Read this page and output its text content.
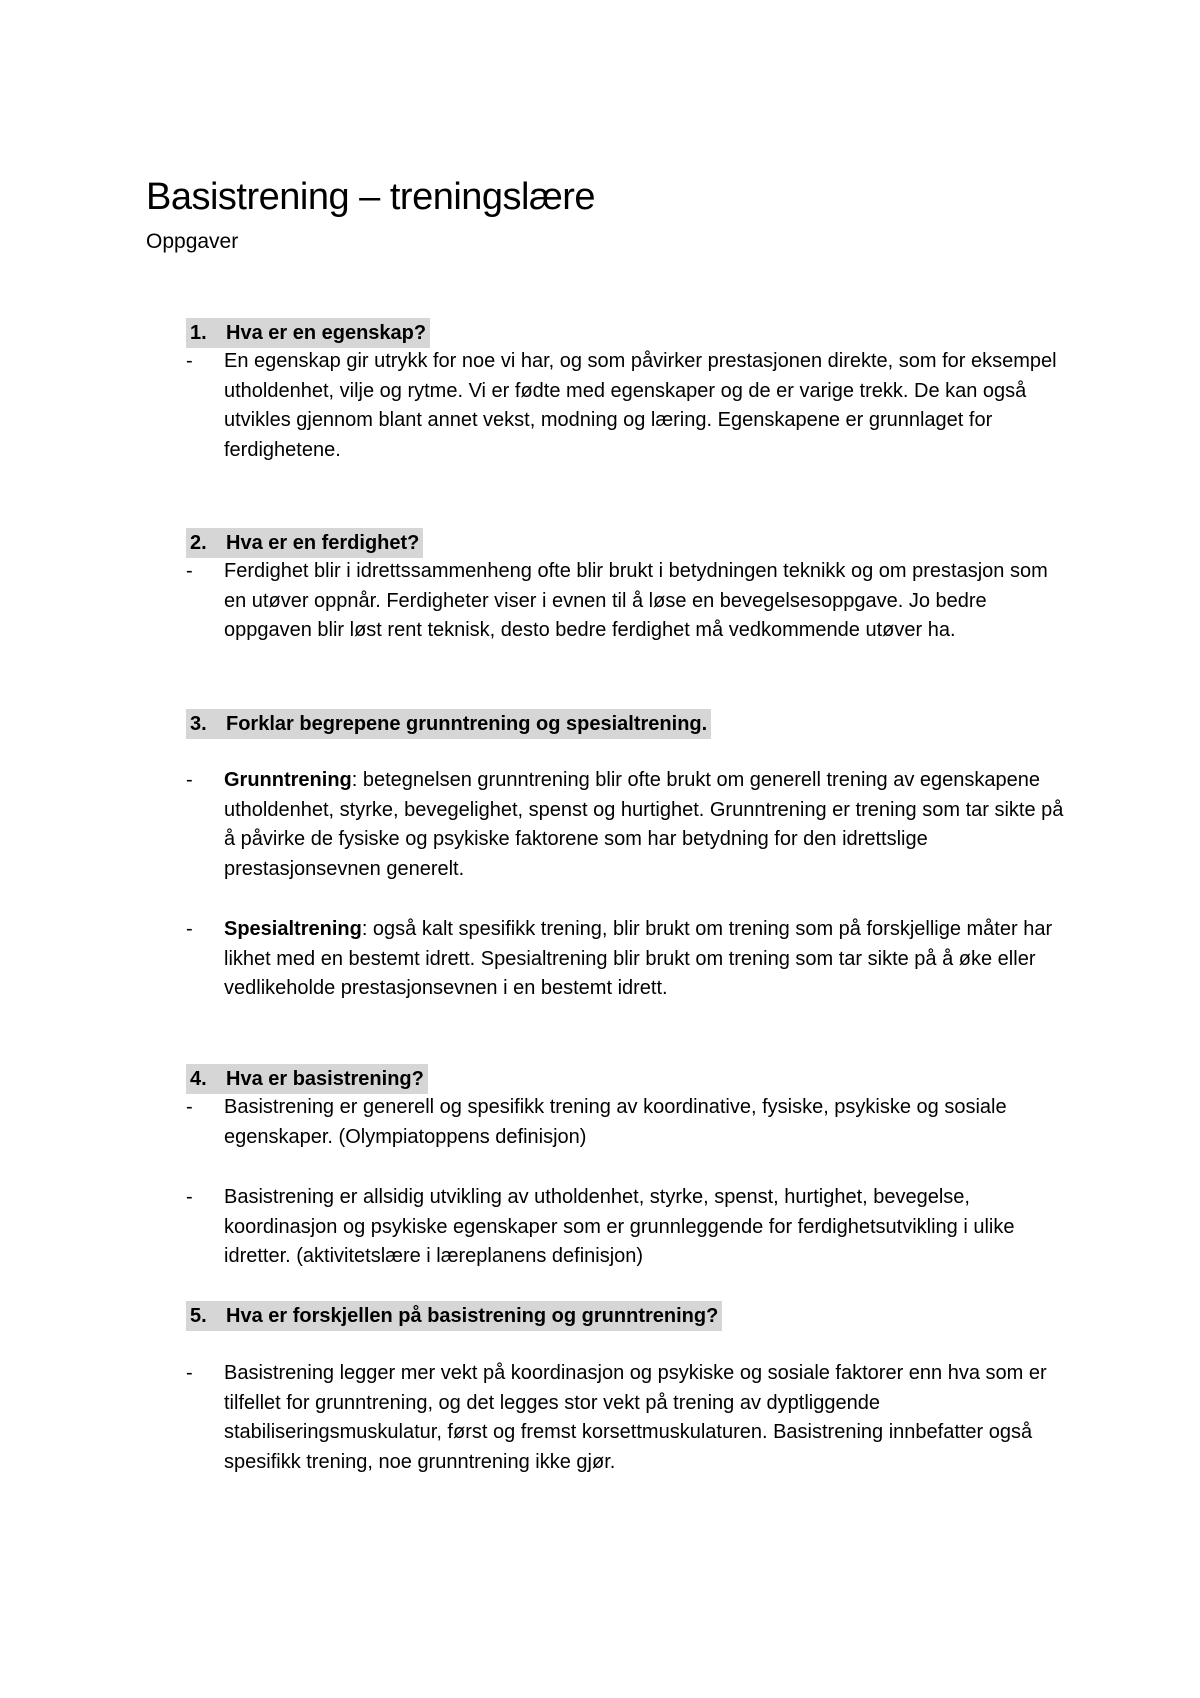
Basistrening – treningslære
Oppgaver
1. Hva er en egenskap?
- En egenskap gir utrykk for noe vi har, og som påvirker prestasjonen direkte, som for eksempel utholdenhet, vilje og rytme. Vi er fødte med egenskaper og de er varige trekk. De kan også utvikles gjennom blant annet vekst, modning og læring. Egenskapene er grunnlaget for ferdighetene.
2. Hva er en ferdighet?
- Ferdighet blir i idrettssammenheng ofte blir brukt i betydningen teknikk og om prestasjon som en utøver oppnår. Ferdigheter viser i evnen til å løse en bevegelsesoppgave. Jo bedre oppgaven blir løst rent teknisk, desto bedre ferdighet må vedkommende utøver ha.
3. Forklar begrepene grunntrening og spesialtrening.
- Grunntrening: betegnelsen grunntrening blir ofte brukt om generell trening av egenskapene utholdenhet, styrke, bevegelighet, spenst og hurtighet. Grunntrening er trening som tar sikte på å påvirke de fysiske og psykiske faktorene som har betydning for den idrettslige prestasjonsevnen generelt.
- Spesialtrening: også kalt spesifikk trening, blir brukt om trening som på forskjellige måter har likhet med en bestemt idrett. Spesialtrening blir brukt om trening som tar sikte på å øke eller vedlikeholde prestasjonsevnen i en bestemt idrett.
4. Hva er basistrening?
- Basistrening er generell og spesifikk trening av koordinative, fysiske, psykiske og sosiale egenskaper. (Olympiatoppens definisjon)
- Basistrening er allsidig utvikling av utholdenhet, styrke, spenst, hurtighet, bevegelse, koordinasjon og psykiske egenskaper som er grunnleggende for ferdighetsutvikling i ulike idretter. (aktivitetslære i læreplanens definisjon)
5. Hva er forskjellen på basistrening og grunntrening?
- Basistrening legger mer vekt på koordinasjon og psykiske og sosiale faktorer enn hva som er tilfellet for grunntrening, og det legges stor vekt på trening av dyptliggende stabiliseringsmuskulatur, først og fremst korsettmuskulaturen. Basistrening innbefatter også spesifikk trening, noe grunntrening ikke gjør.
